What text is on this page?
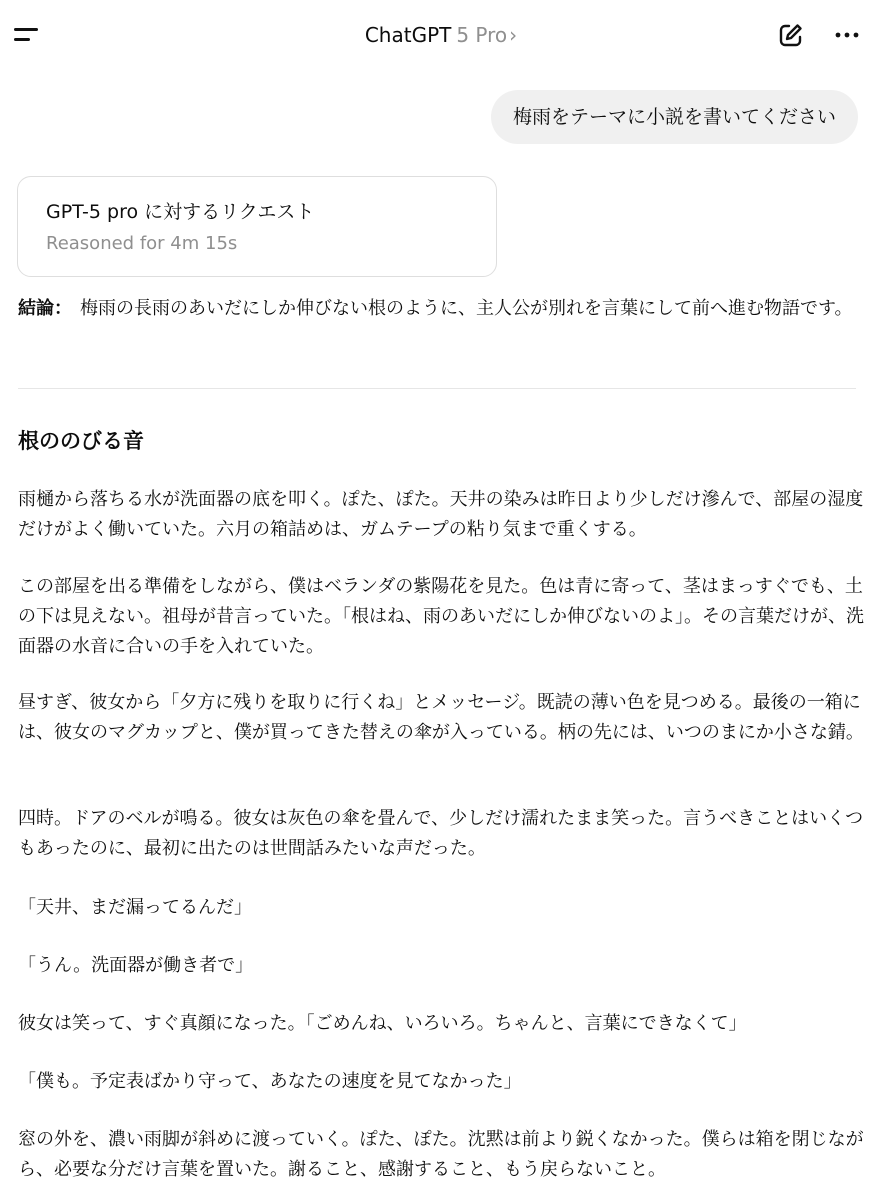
ChatGPT 5 Pro ›
梅雨をテーマに小説を書いてください
GPT-5 pro に対するリクエスト
Reasoned for 4m 15s
結論： 梅雨の長雨のあいだにしか伸びない根のように、主人公が別れを言葉にして前へ進む物語です。
根ののびる音

雨樋から落ちる水が洗面器の底を叩く。ぽた、ぽた。天井の染みは昨日より少しだけ滲んで、部屋の湿度だけがよく働いていた。六月の箱詰めは、ガムテープの粘り気まで重くする。

この部屋を出る準備をしながら、僕はベランダの紫陽花を見た。色は青に寄って、茎はまっすぐでも、土の下は見えない。祖母が昔言っていた。「根はね、雨のあいだにしか伸びないのよ」。その言葉だけが、洗面器の水音に合いの手を入れていた。

昼すぎ、彼女から「夕方に残りを取りに行くね」とメッセージ。既読の薄い色を見つめる。最後の一箱には、彼女のマグカップと、僕が買ってきた替えの傘が入っている。柄の先には、いつのまにか小さな錆。

四時。ドアのベルが鳴る。彼女は灰色の傘を畳んで、少しだけ濡れたまま笑った。言うべきことはいくつもあったのに、最初に出たのは世間話みたいな声だった。

「天井、まだ漏ってるんだ」

「うん。洗面器が働き者で」

彼女は笑って、すぐ真顔になった。「ごめんね、いろいろ。ちゃんと、言葉にできなくて」

「僕も。予定表ばかり守って、あなたの速度を見てなかった」

窓の外を、濃い雨脚が斜めに渡っていく。ぽた、ぽた。沈黙は前より鋭くなかった。僕らは箱を閉じながら、必要な分だけ言葉を置いた。謝ること、感謝すること、もう戻らないこと。
